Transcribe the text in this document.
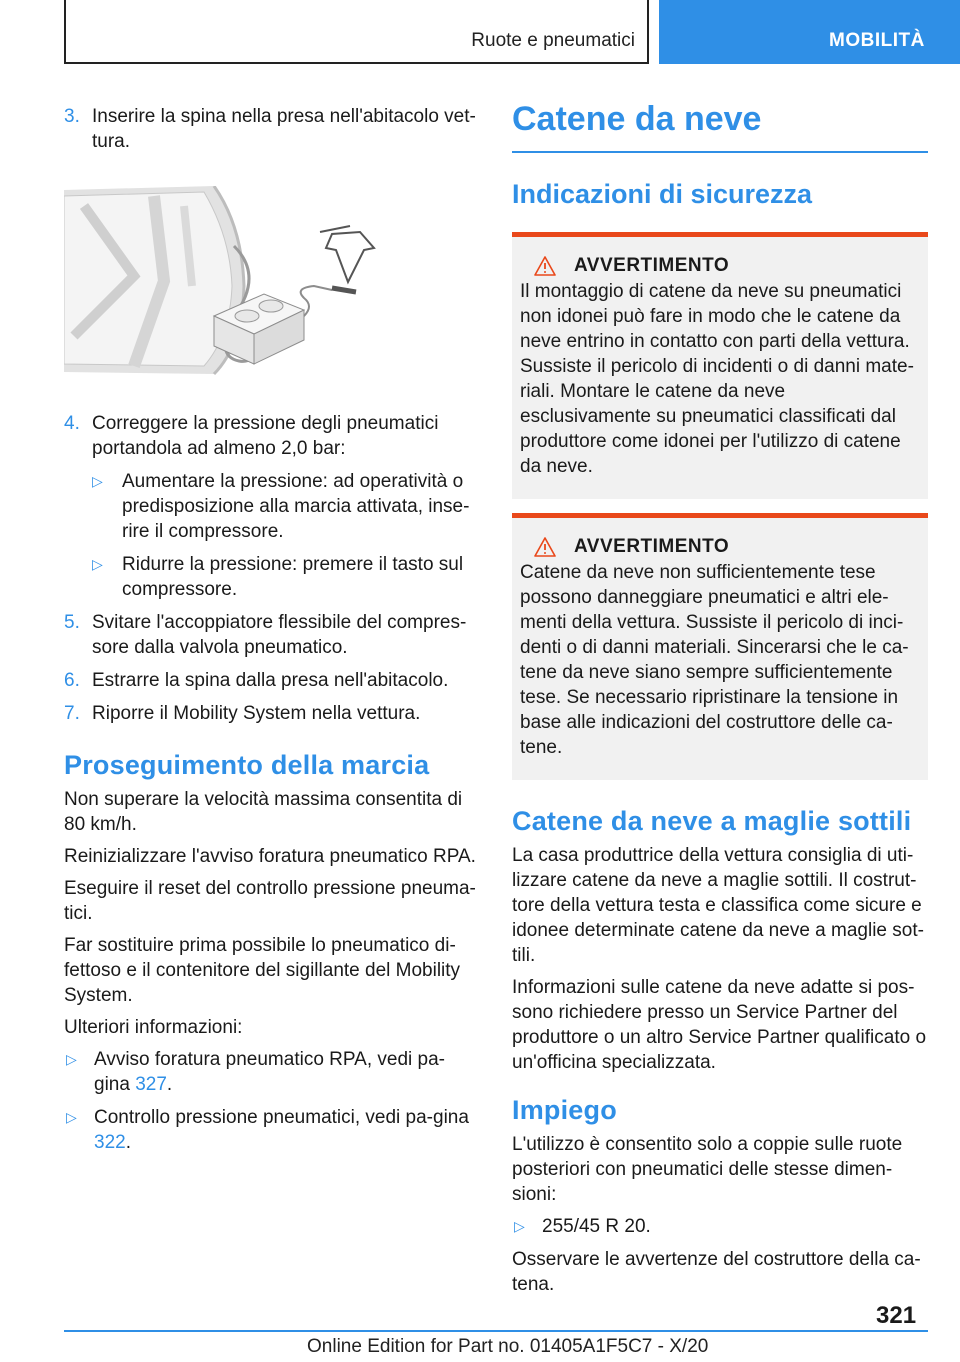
Ruote e pneumatici	MOBILITÀ

3. Inserire la spina nella presa nell'abitacolo vet-tura.

4. Correggere la pressione degli pneumatici portandola ad almeno 2,0 bar:

▷ Aumentare la pressione: ad operatività o predisposizione alla marcia attivata, inse-rire il compressore.

▷ Ridurre la pressione: premere il tasto sul compressore.

5. Svitare l'accoppiatore flessibile del compres-sore dalla valvola pneumatico.

6. Estrarre la spina dalla presa nell'abitacolo.

7. Riporre il Mobility System nella vettura.

Proseguimento della marcia

Non superare la velocità massima consentita di 80 km/h.

Reinizializzare l'avviso foratura pneumatico RPA.

Eseguire il reset del controllo pressione pneuma-tici.

Far sostituire prima possibile lo pneumatico di-fettoso e il contenitore del sigillante del Mobility System.

Ulteriori informazioni:

▷ Avviso foratura pneumatico RPA, vedi pa-gina 327.

▷ Controllo pressione pneumatici, vedi pa-gina 322.

Catene da neve
Indicazioni di sicurezza
AVVERTIMENTO

Il montaggio di catene da neve su pneumatici non idonei può fare in modo che le catene da neve entrino in contatto con parti della vettura. Sussiste il pericolo di incidenti o di danni mate-riali. Montare le catene da neve esclusivamente su pneumatici classificati dal produttore come idonei per l'utilizzo di catene da neve.

AVVERTIMENTO

Catene da neve non sufficientemente tese possono danneggiare pneumatici e altri ele-menti della vettura. Sussiste il pericolo di inci-denti o di danni materiali. Sincerarsi che le ca-tene da neve siano sempre sufficientemente tese. Se necessario ripristinare la tensione in base alle indicazioni del costruttore delle ca-tene.

Catene da neve a maglie sottili

La casa produttrice della vettura consiglia di uti-lizzare catene da neve a maglie sottili. Il costrut-tore della vettura testa e classifica come sicure e idonee determinate catene da neve a maglie sot-tili.

Informazioni sulle catene da neve adatte si pos-sono richiedere presso un Service Partner del produttore o un altro Service Partner qualificato o un'officina specializzata.

Impiego

L'utilizzo è consentito solo a coppie sulle ruote posteriori con pneumatici delle stesse dimen-sioni:

▷ 255/45 R 20.

Osservare le avvertenze del costruttore della ca-tena.

321
Online Edition for Part no. 01405A1F5C7 - X/20
